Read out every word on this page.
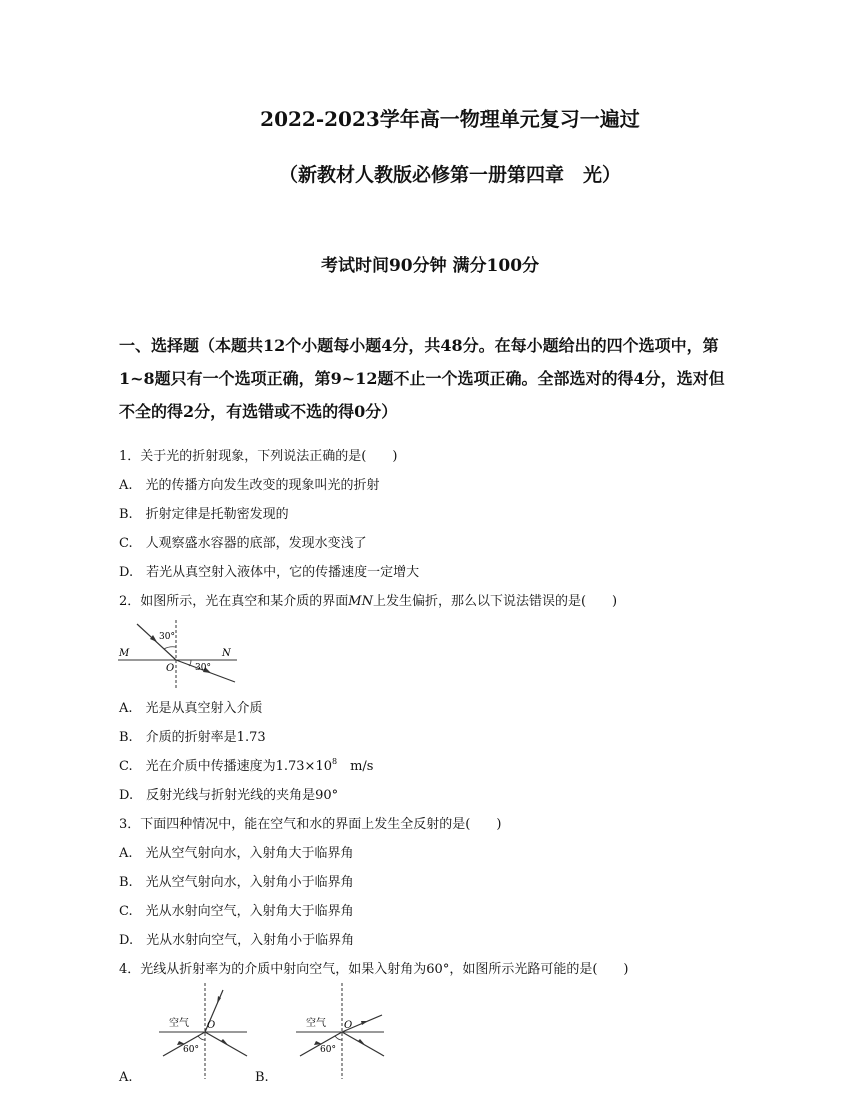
2022-2023学年高一物理单元复习一遍过
（新教材人教版必修第一册第四章　光）
考试时间90分钟 满分100分
一、选择题（本题共12个小题每小题4分，共48分。在每小题给出的四个选项中，第
1~8题只有一个选项正确，第9~12题不止一个选项正确。全部选对的得4分，选对但
不全的得2分，有选错或不选的得0分）
1．关于光的折射现象，下列说法正确的是(　　)
A.　光的传播方向发生改变的现象叫光的折射
B.　折射定律是托勒密发现的
C.　人观察盛水容器的底部，发现水变浅了
D.　若光从真空射入液体中，它的传播速度一定增大
2．如图所示，光在真空和某介质的界面MN上发生偏折，那么以下说法错误的是(　　)
M	N
O
30°
30°
A.　光是从真空射入介质
B.　介质的折射率是1.73
C.　光在介质中传播速度为$1.73\times 10^8$　m/s
D.　反射光线与折射光线的夹角是90°
3．下面四种情况中，能在空气和水的界面上发生全反射的是(　　)
A.　光从空气射向水，入射角大于临界角
B.　光从空气射向水，入射角小于临界角
C.　光从水射向空气，入射角大于临界角
D.　光从水射向空气，入射角小于临界角
4．光线从折射率为的介质中射向空气，如果入射角为60°，如图所示光路可能的是(　　)
空气 O
60°
A.
空气 O
60°
B.
